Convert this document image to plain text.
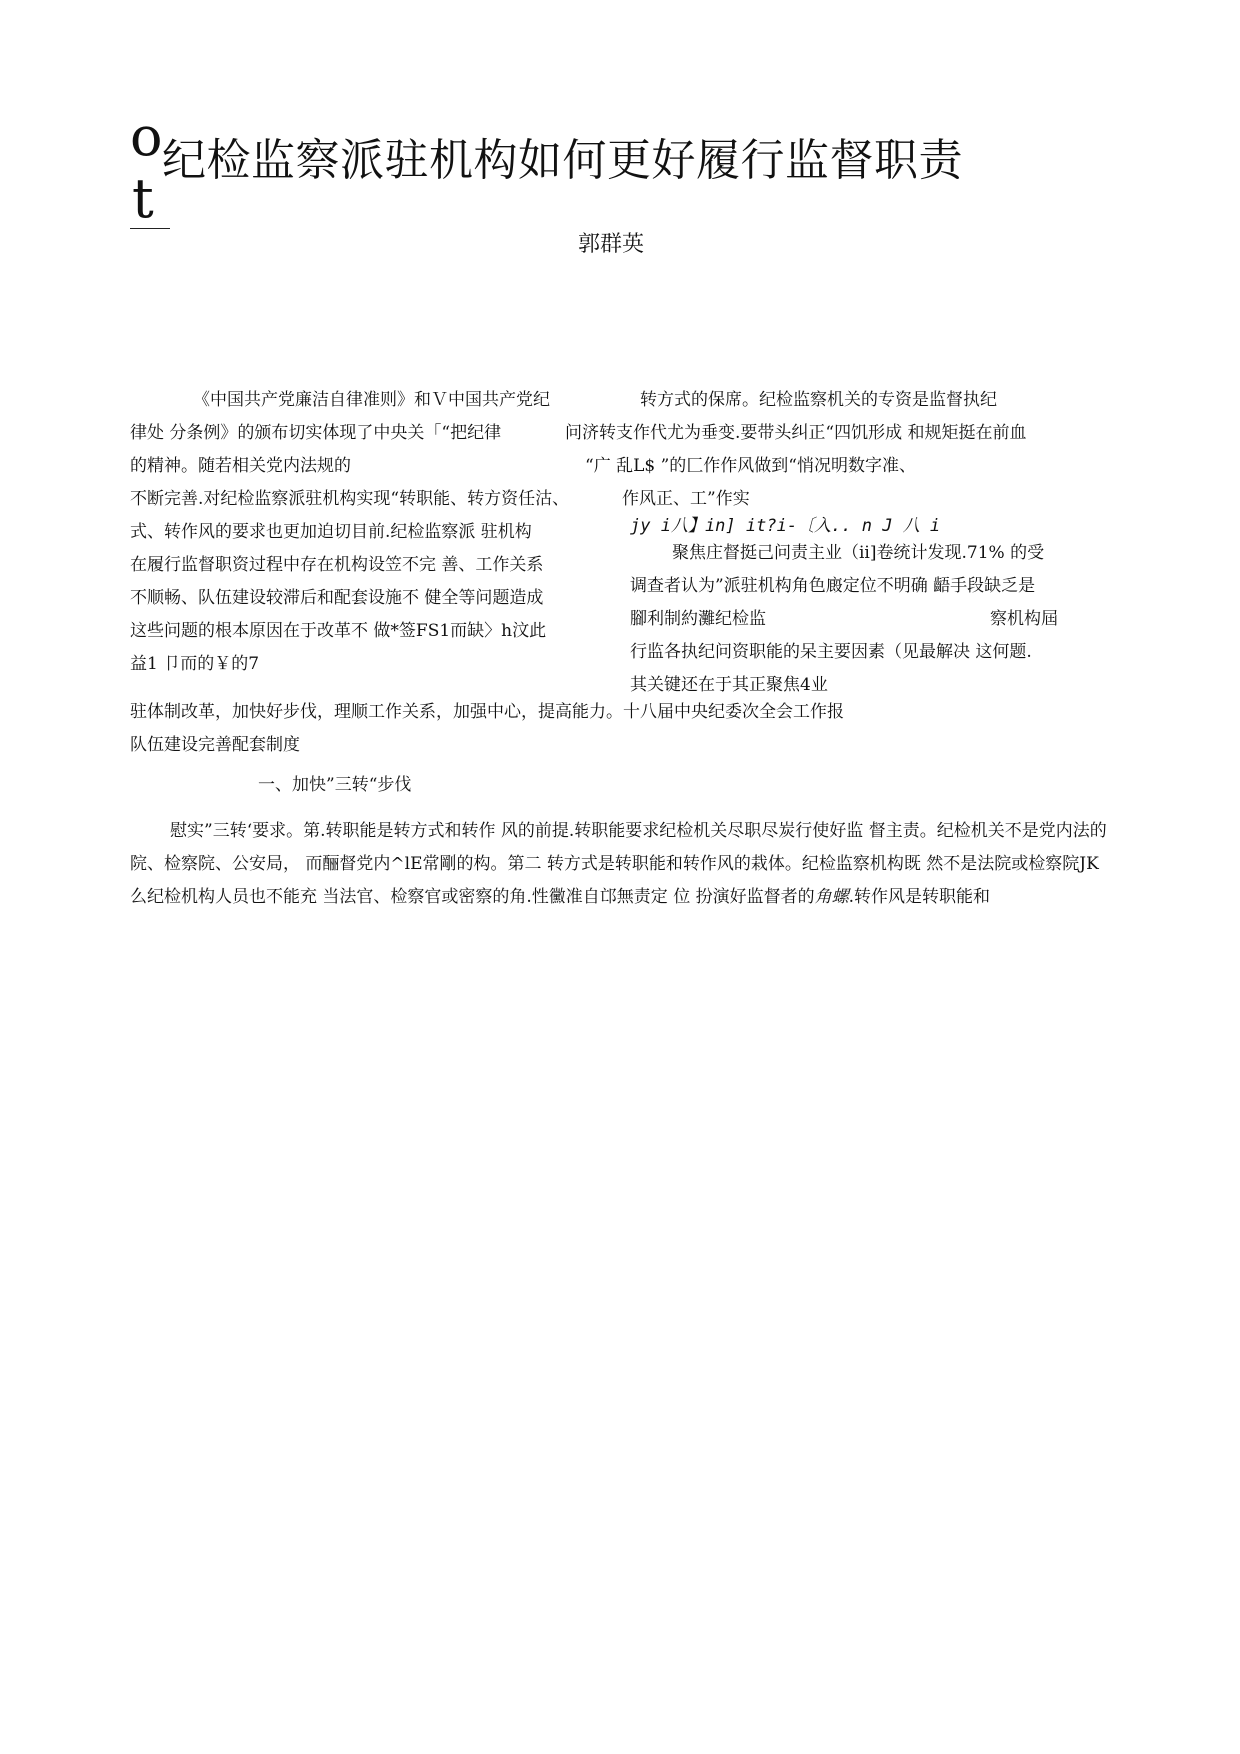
o
t
纪检监察派驻机构如何更好履行监督职责
郭群英
《中国共产党廉洁自律准则》和Ｖ中国共产党纪
律处 分条例》的颁布切实体现了中央关「“把纪律
的精神。随若相关党内法规的
不断完善.对纪检监察派驻机构实现“转职能、转方资任沽、
式、转作风的要求也更加迫切目前.纪检监察派 驻机构
在履行监督职资过程中存在机构设笠不完 善、工作关系
不顺畅、队伍建设较滞后和配套设施不 健全等问题造成
这些问题的根本原因在于改革不 做*签FS1而缺〉h汶此
益1 卩而的￥的7
转方式的保席。纪检监察机关的专资是监督执纪
问济转支作代尤为垂变.要带头纠正“四饥形成 和规矩挺在前血
“广 乱L$ ”的匚作作风做到“悄况明数字准、
作风正、工”作实
jy i八】in] it?i-〔入.. n J 八 i
聚焦庄督挺己问责主业（ii]卷统计发现.71% 的受
调查者认为”派驻机构角色廄定位不明确 齬手段缺乏是
腳利制約灘纪检监	察机构屆
行监各执纪问资职能的呆主要因素（见最解决 这何题.
其关键还在于其正聚焦4业
驻体制改革，加快好步伐，理顺工作关系，加强中心，提高能力。十八届中央纪委次全会工作报
队伍建设完善配套制度
一、加快”三转“步伐

慰实”三转‘要求。第.转职能是转方式和转作 风的前提.转职能要求纪检机关尽职尽炭行使好监 督主责。纪检机关不是党内法的院、检察院、公安局， 而酾督党内^lE常剛的构。第二 转方式是转职能和转作风的栽体。纪检监察机构既 然不是法院或检察院JK么纪检机构人员也不能充 当法官、检察官或密察的角.性黴准自邙無责定 位 扮演好监督者的角螺.转作风是转职能和
